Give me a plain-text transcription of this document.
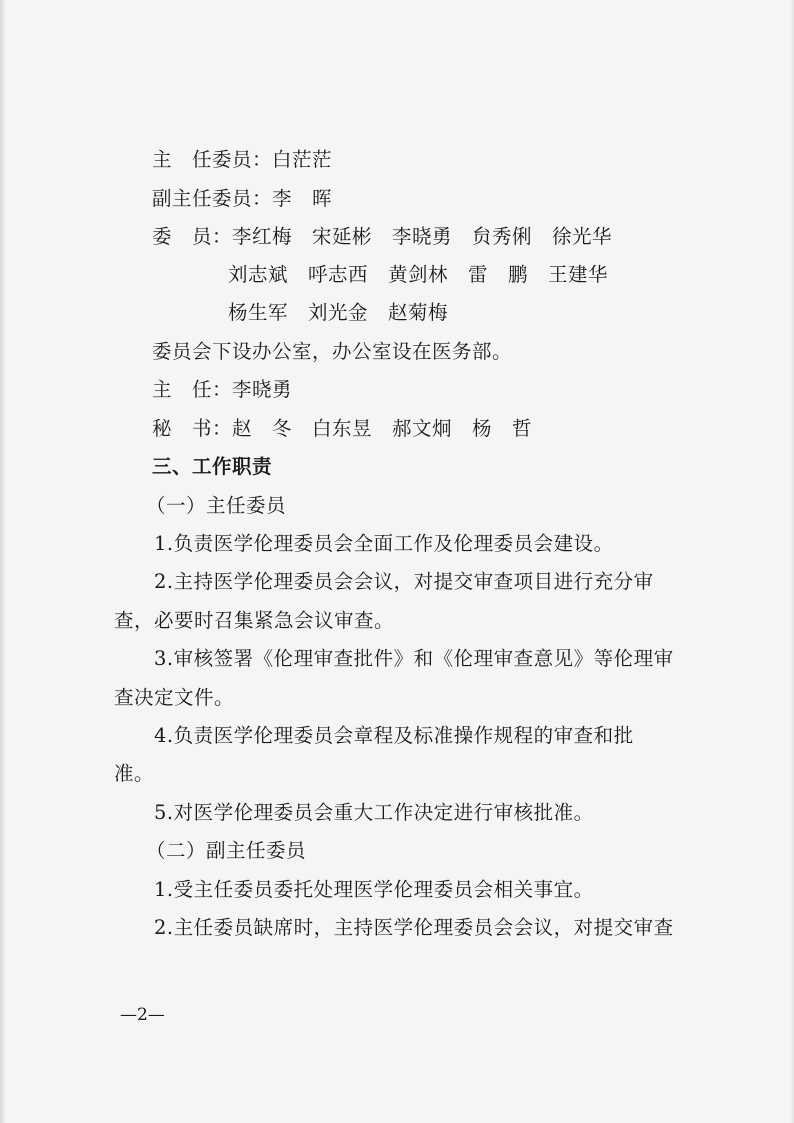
主　任委员：白茫茫
副主任委员：李　晖
委　员：李红梅　宋延彬　李晓勇　贠秀俐　徐光华
刘志斌　呼志西　黄剑林　雷　鹏　王建华
杨生军　刘光金　赵菊梅
委员会下设办公室，办公室设在医务部。
主　任：李晓勇
秘　书：赵　冬　白东昱　郝文炯　杨　哲
三、工作职责
（一）主任委员
1.负责医学伦理委员会全面工作及伦理委员会建设。
2.主持医学伦理委员会会议，对提交审查项目进行充分审
查，必要时召集紧急会议审查。
3.审核签署《伦理审查批件》和《伦理审查意见》等伦理审
查决定文件。
4.负责医学伦理委员会章程及标准操作规程的审查和批
准。
5.对医学伦理委员会重大工作决定进行审核批准。
（二）副主任委员
1.受主任委员委托处理医学伦理委员会相关事宜。
2.主任委员缺席时，主持医学伦理委员会会议，对提交审查
—2—
